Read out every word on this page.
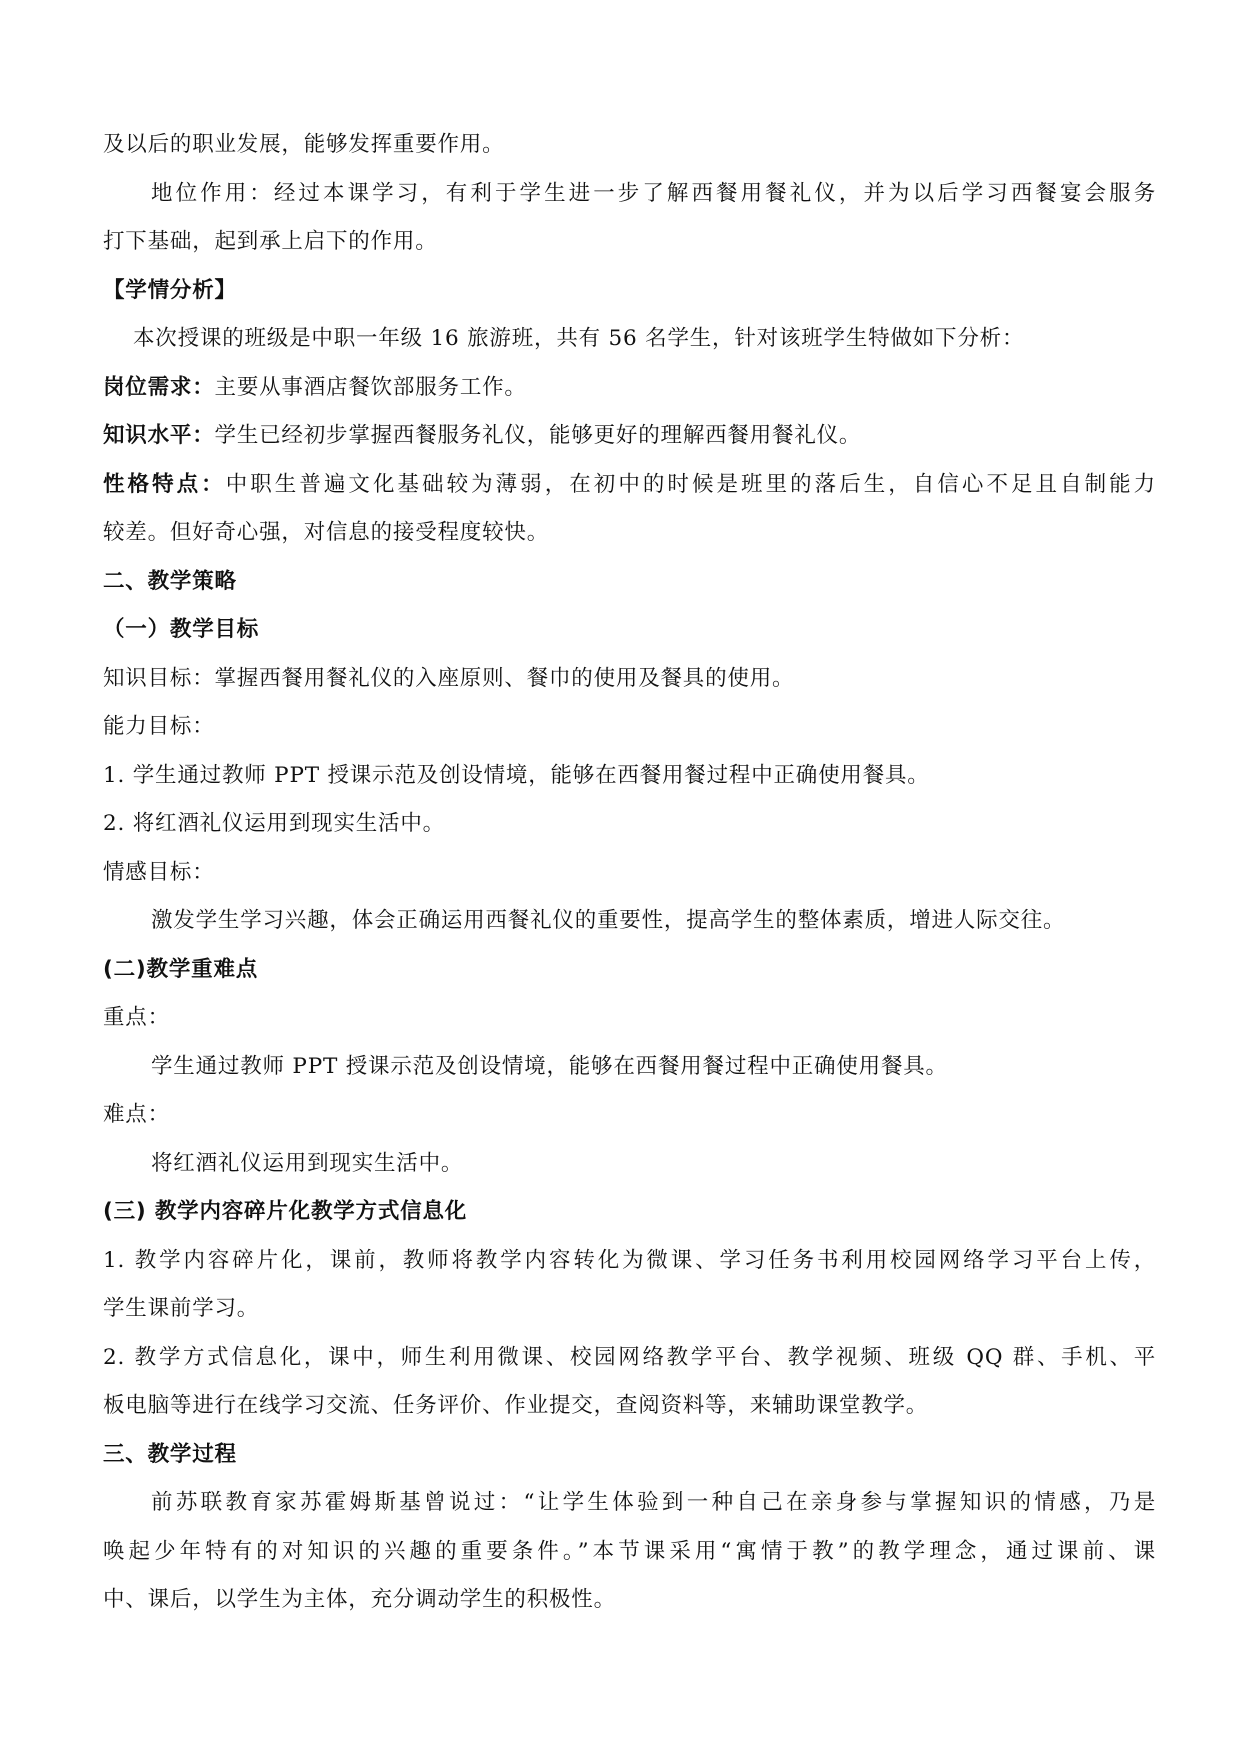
及以后的职业发展，能够发挥重要作用。
地位作用：经过本课学习，有利于学生进一步了解西餐用餐礼仪，并为以后学习西餐宴会服务
打下基础，起到承上启下的作用。
【学情分析】
本次授课的班级是中职一年级 16 旅游班，共有 56 名学生，针对该班学生特做如下分析：
岗位需求：主要从事酒店餐饮部服务工作。
知识水平：学生已经初步掌握西餐服务礼仪，能够更好的理解西餐用餐礼仪。
性格特点：中职生普遍文化基础较为薄弱，在初中的时候是班里的落后生，自信心不足且自制能力
较差。但好奇心强，对信息的接受程度较快。
二、教学策略
（一）教学目标
知识目标：掌握西餐用餐礼仪的入座原则、餐巾的使用及餐具的使用。
能力目标：
1. 学生通过教师 PPT 授课示范及创设情境，能够在西餐用餐过程中正确使用餐具。
2. 将红酒礼仪运用到现实生活中。
情感目标：
激发学生学习兴趣，体会正确运用西餐礼仪的重要性，提高学生的整体素质，增进人际交往。
(二)教学重难点
重点：
学生通过教师 PPT 授课示范及创设情境，能够在西餐用餐过程中正确使用餐具。
难点：
将红酒礼仪运用到现实生活中。
(三) 教学内容碎片化教学方式信息化
1. 教学内容碎片化，课前，教师将教学内容转化为微课、学习任务书利用校园网络学习平台上传，
学生课前学习。
2. 教学方式信息化，课中，师生利用微课、校园网络教学平台、教学视频、班级 QQ 群、手机、平
板电脑等进行在线学习交流、任务评价、作业提交，查阅资料等，来辅助课堂教学。
三、教学过程
前苏联教育家苏霍姆斯基曾说过：“让学生体验到一种自己在亲身参与掌握知识的情感，乃是
唤起少年特有的对知识的兴趣的重要条件。”本节课采用“寓情于教”的教学理念，通过课前、课
中、课后，以学生为主体，充分调动学生的积极性。
